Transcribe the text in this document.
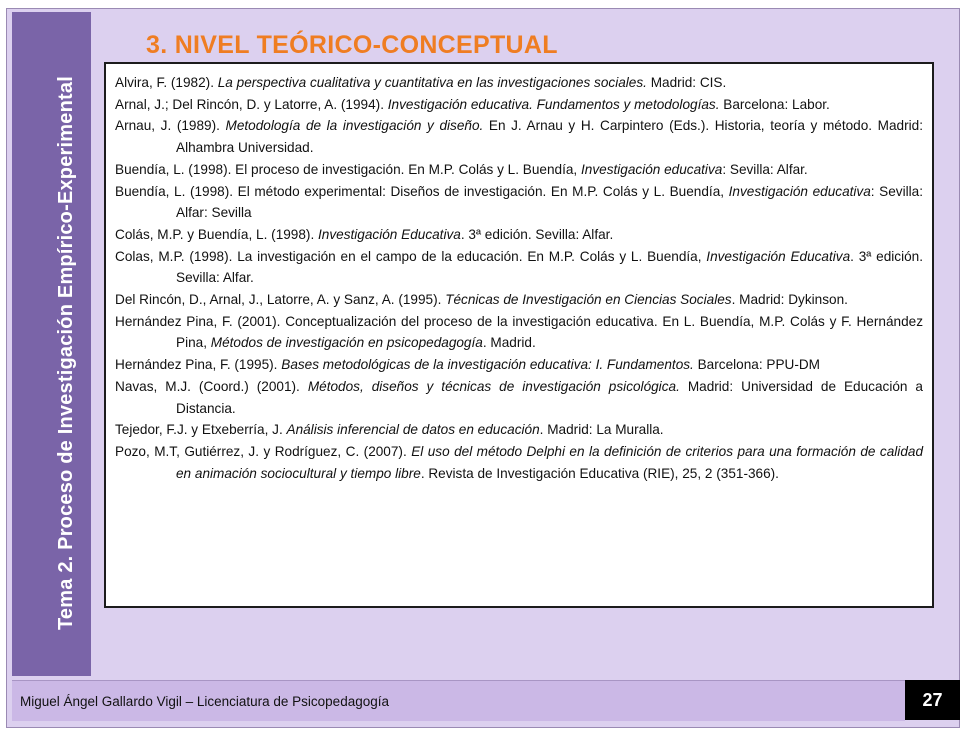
Tema 2. Proceso de Investigación Empírico-Experimental
3. NIVEL TEÓRICO-CONCEPTUAL
Alvira, F. (1982). La perspectiva cualitativa y cuantitativa en las investigaciones sociales. Madrid: CIS.
Arnal, J.; Del Rincón, D. y Latorre, A. (1994). Investigación educativa. Fundamentos y metodologías. Barcelona: Labor.
Arnau, J. (1989). Metodología de la investigación y diseño. En J. Arnau y H. Carpintero (Eds.). Historia, teoría y método. Madrid: Alhambra Universidad.
Buendía, L. (1998). El proceso de investigación. En M.P. Colás y L. Buendía, Investigación educativa: Sevilla: Alfar.
Buendía, L. (1998). El método experimental: Diseños de investigación. En M.P. Colás y L. Buendía, Investigación educativa: Sevilla: Alfar: Sevilla
Colás, M.P. y Buendía, L. (1998). Investigación Educativa. 3ª edición. Sevilla: Alfar.
Colas, M.P. (1998). La investigación en el campo de la educación. En M.P. Colás y L. Buendía, Investigación Educativa. 3ª edición. Sevilla: Alfar.
Del Rincón, D., Arnal, J., Latorre, A. y Sanz, A. (1995). Técnicas de Investigación en Ciencias Sociales. Madrid: Dykinson.
Hernández Pina, F. (2001). Conceptualización del proceso de la investigación educativa. En L. Buendía, M.P. Colás y F. Hernández Pina, Métodos de investigación en psicopedagogía. Madrid.
Hernández Pina, F. (1995). Bases metodológicas de la investigación educativa: I. Fundamentos. Barcelona: PPU-DM
Navas, M.J. (Coord.) (2001). Métodos, diseños y técnicas de investigación psicológica. Madrid: Universidad de Educación a Distancia.
Tejedor, F.J. y Etxeberría, J. Análisis inferencial de datos en educación. Madrid: La Muralla.
Pozo, M.T, Gutiérrez, J. y Rodríguez, C. (2007). El uso del método Delphi en la definición de criterios para una formación de calidad en animación sociocultural y tiempo libre. Revista de Investigación Educativa (RIE), 25, 2 (351-366).
Miguel Ángel Gallardo Vigil – Licenciatura de Psicopedagogía	27
